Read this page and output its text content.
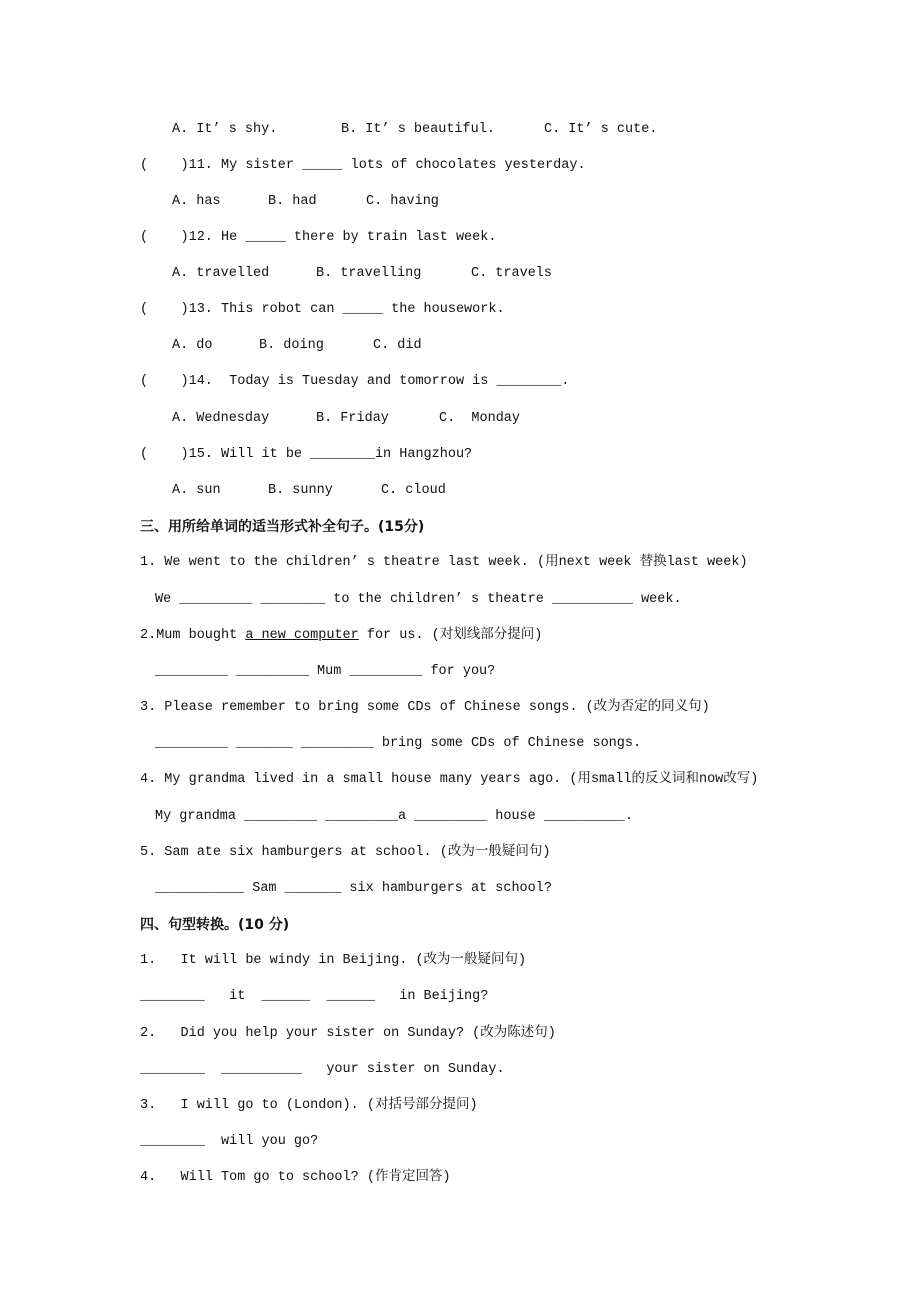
A. It’ s shy.	B. It’ s beautiful.	C. It’ s cute.
(    )11. My sister _____ lots of chocolates yesterday.
A. has	B. had	C. having
(    )12. He _____ there by train last week.
A. travelled	B. travelling	C. travels
(    )13. This robot can _____ the housework.
A. do	B. doing	C. did
(    )14.  Today is Tuesday and tomorrow is ________.
A. Wednesday	B. Friday	C.  Monday
(    )15. Will it be ________in Hangzhou?
A. sun	B. sunny	C. cloud
三、用所给单词的适当形式补全句子。(15分)
1. We went to the children’ s theatre last week. (用next week 替换last week)
We _________ ________ to the children’ s theatre __________ week.
2.Mum bought a new computer for us. (对划线部分提问)
_________ _________ Mum _________ for you?
3. Please remember to bring some CDs of Chinese songs. (改为否定的同义句)
_________ _______ _________ bring some CDs of Chinese songs.
4. My grandma lived in a small house many years ago. (用small的反义词和now改写)
My grandma _________ _________a _________ house __________.
5. Sam ate six hamburgers at school. (改为一般疑问句)
___________ Sam _______ six hamburgers at school?
四、句型转换。(10 分)
1.   It will be windy in Beijing. (改为一般疑问句)
________   it  ______  ______   in Beijing?
2.   Did you help your sister on Sunday? (改为陈述句)
________  __________   your sister on Sunday.
3.   I will go to (London). (对括号部分提问)
________  will you go?
4.   Will Tom go to school? (作肯定回答)
